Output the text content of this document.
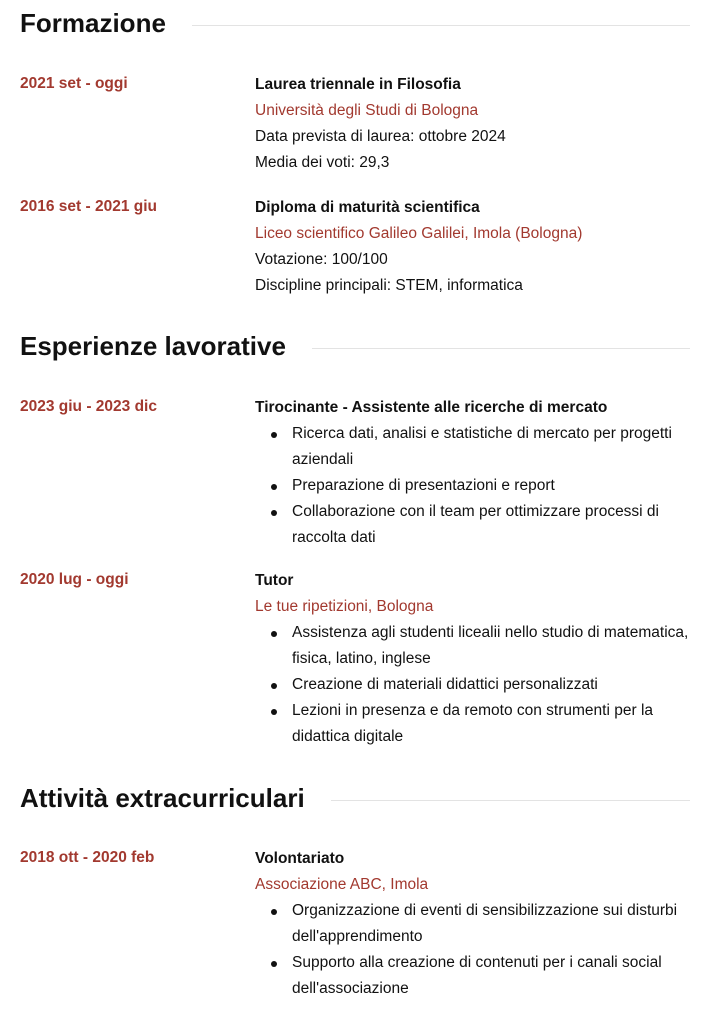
Formazione
2021 set - oggi	Laurea triennale in Filosofia
Università degli Studi di Bologna
Data prevista di laurea: ottobre 2024
Media dei voti: 29,3
2016 set - 2021 giu	Diploma di maturità scientifica
Liceo scientifico Galileo Galilei, Imola (Bologna)
Votazione: 100/100
Discipline principali: STEM, informatica
Esperienze lavorative
2023 giu - 2023 dic	Tirocinante - Assistente alle ricerche di mercato
Ricerca dati, analisi e statistiche di mercato per progetti aziendali
Preparazione di presentazioni e report
Collaborazione con il team per ottimizzare processi di raccolta dati
2020 lug - oggi	Tutor
Le tue ripetizioni, Bologna
Assistenza agli studenti licealii nello studio di matematica, fisica, latino, inglese
Creazione di materiali didattici personalizzati
Lezioni in presenza e da remoto con strumenti per la didattica digitale
Attività extracurriculari
2018 ott - 2020 feb	Volontariato
Associazione ABC, Imola
Organizzazione di eventi di sensibilizzazione sui disturbi dell'apprendimento
Supporto alla creazione di contenuti per i canali social dell'associazione
